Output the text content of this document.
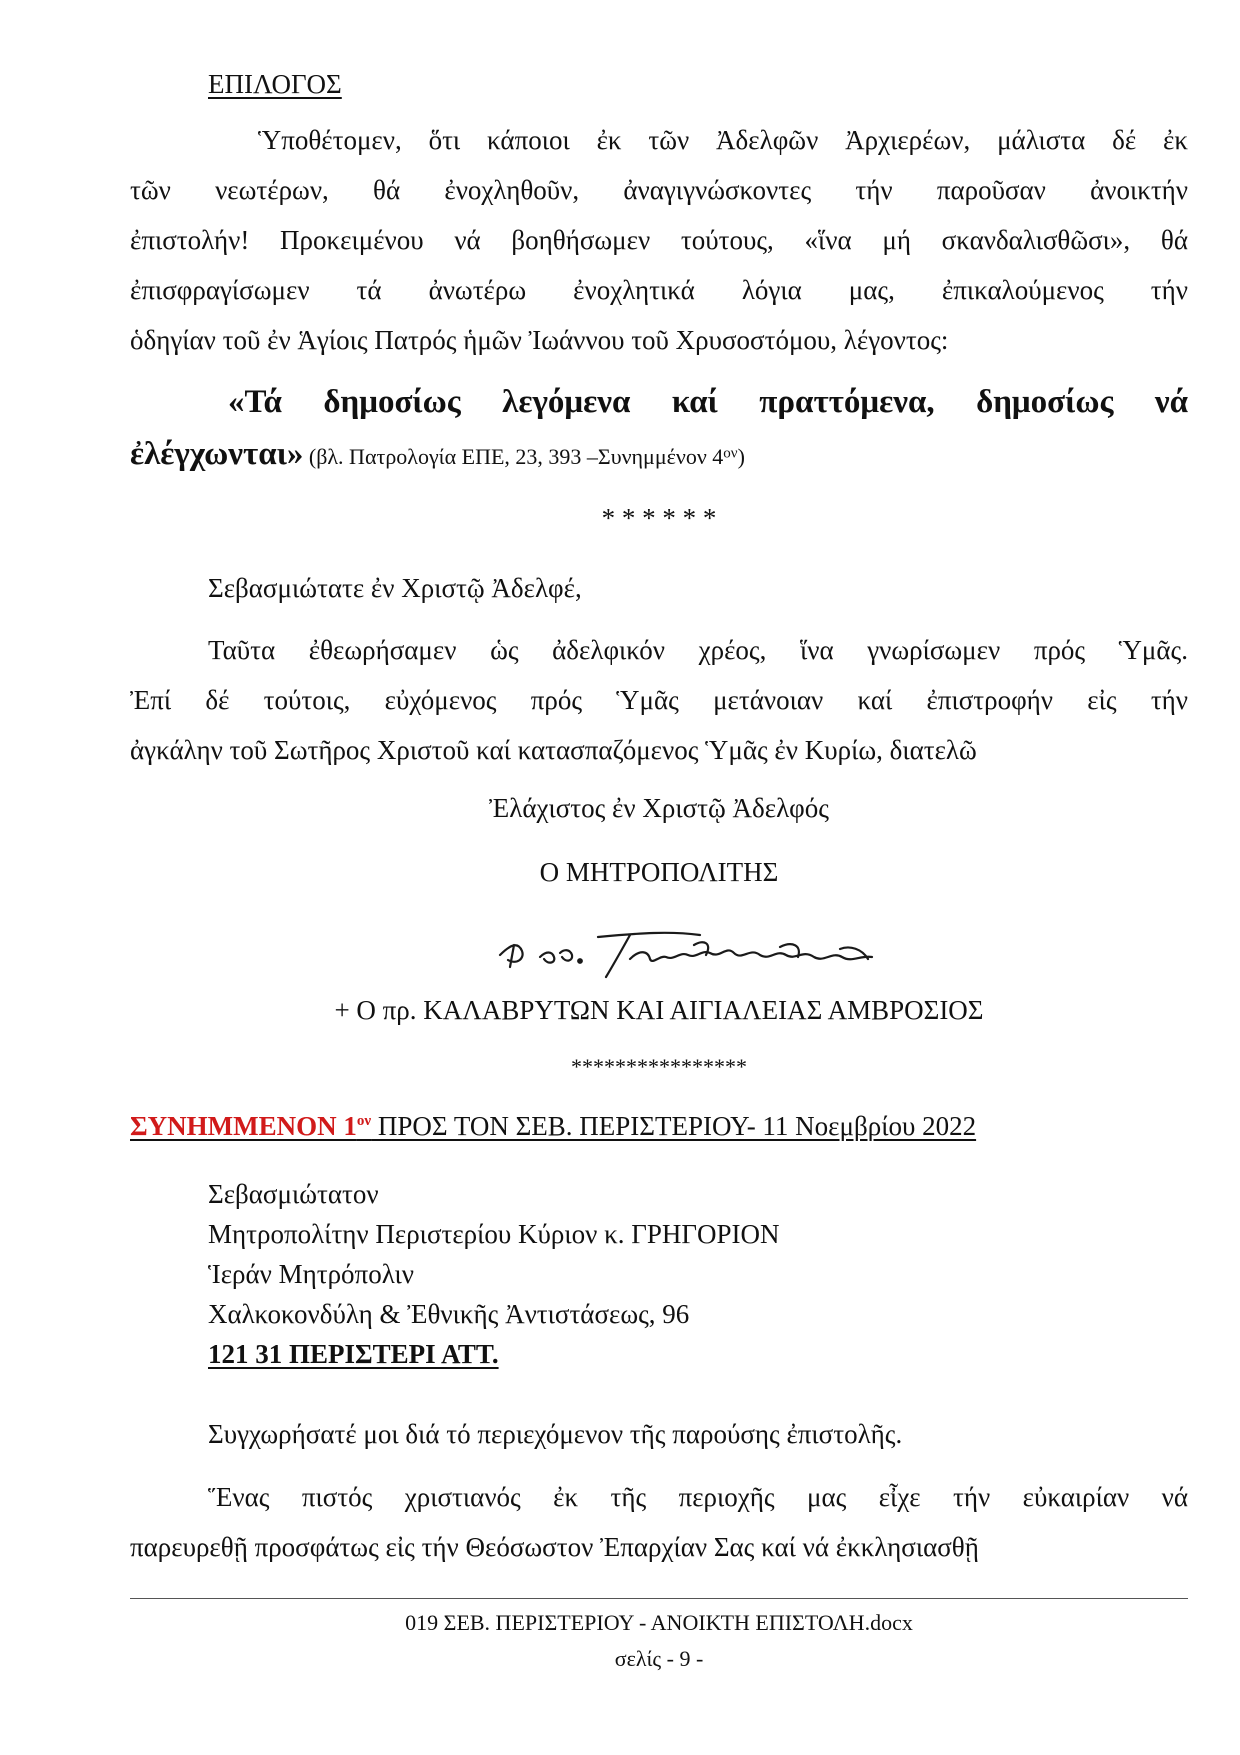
ΕΠΙΛΟΓΟΣ
Ὑποθέτομεν, ὅτι κάποιοι ἐκ τῶν Ἀδελφῶν Ἀρχιερέων, μάλιστα δέ ἐκ
τῶν νεωτέρων, θά ἐνοχληθοῦν, ἀναγιγνώσκοντες τήν παροῦσαν ἀνοικτήν
ἐπιστολήν! Προκειμένου νά βοηθήσωμεν τούτους, «ἵνα μή σκανδαλισθῶσι», θά
ἐπισφραγίσωμεν τά ἀνωτέρω ἐνοχλητικά λόγια μας, ἐπικαλούμενος τήν
ὁδηγίαν τοῦ ἐν Ἁγίοις Πατρός ἡμῶν Ἰωάννου τοῦ Χρυσοστόμου, λέγοντος:
«Τά δημοσίως λεγόμενα καί πραττόμενα, δημοσίως νά
ἐλέγχωνται» (βλ. Πατρολογία ΕΠΕ, 23, 393 –Συνημμένον 4ον)
* * * * * *
Σεβασμιώτατε ἐν Χριστῷ Ἀδελφέ,
Ταῦτα ἐθεωρήσαμεν ὡς ἀδελφικόν χρέος, ἵνα γνωρίσωμεν πρός Ὑμᾶς.
Ἐπί δέ τούτοις, εὐχόμενος πρός Ὑμᾶς μετάνοιαν καί ἐπιστροφήν εἰς τήν
ἀγκάλην τοῦ Σωτῆρος Χριστοῦ καί κατασπαζόμενος Ὑμᾶς ἐν Κυρίω, διατελῶ
Ἐλάχιστος ἐν Χριστῷ Ἀδελφός
Ο ΜΗΤΡΟΠΟΛΙΤΗΣ
+ Ο πρ. ΚΑΛΑΒΡΥΤΩΝ ΚΑΙ ΑΙΓΙΑΛΕΙΑΣ ΑΜΒΡΟΣΙΟΣ
****************
ΣΥΝΗΜΜΕΝΟΝ $1^{o\nu}$ ΠΡΟΣ ΤΟΝ ΣΕΒ. ΠΕΡΙΣΤΕΡΙΟΥ- 11 Νοεμβρίου 2022
Σεβασμιώτατον
Μητροπολίτην Περιστερίου Κύριον κ. ΓΡΗΓΟΡΙΟΝ
Ἱεράν Μητρόπολιν
Χαλκοκονδύλη & Ἐθνικῆς Ἀντιστάσεως, 96
121 31 ΠΕΡΙΣΤΕΡΙ ΑΤΤ.
Συγχωρήσατέ μοι διά τό περιεχόμενον τῆς παρούσης ἐπιστολῆς.
Ἕνας πιστός χριστιανός ἐκ τῆς περιοχῆς μας εἶχε τήν εὐκαιρίαν νά
παρευρεθῇ προσφάτως εἰς τήν Θεόσωστον Ἐπαρχίαν Σας καί νά ἐκκλησιασθῇ
019 ΣΕΒ. ΠΕΡΙΣΤΕΡΙΟΥ - ΑΝΟΙΚΤΗ ΕΠΙΣΤΟΛΗ.docx
σελίς - 9 -
